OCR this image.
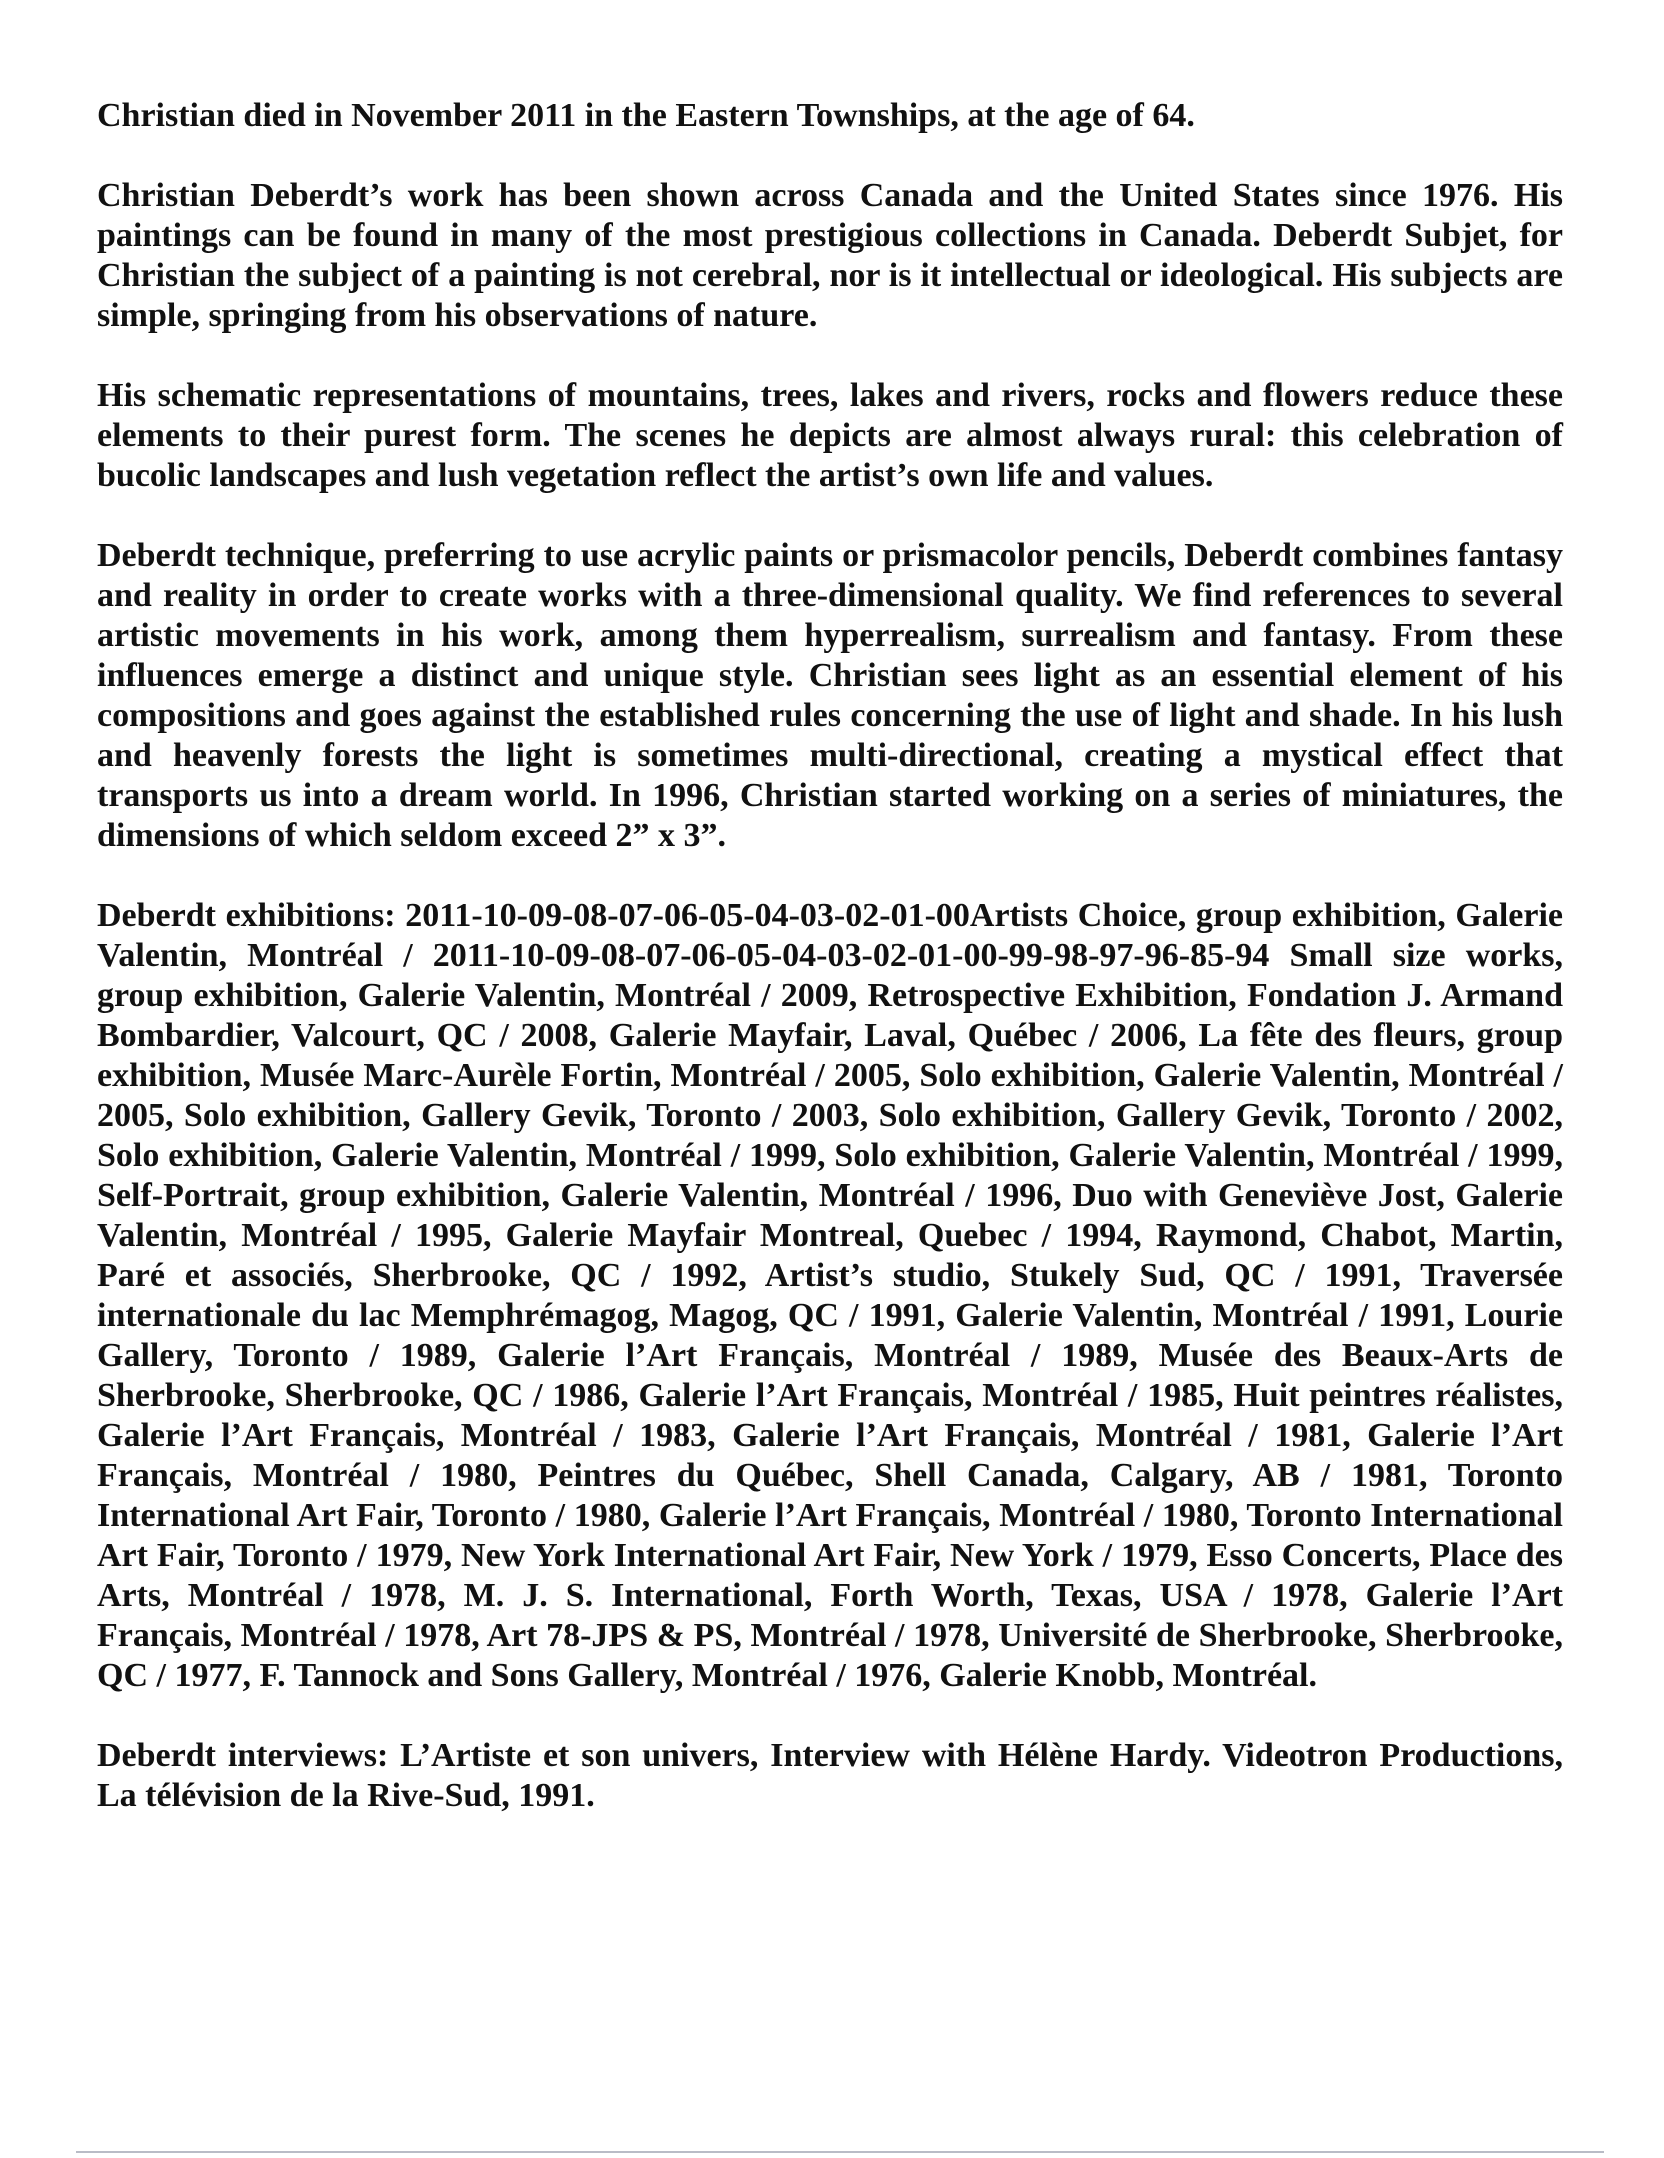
Christian died in November 2011 in the Eastern Townships, at the age of 64.

Christian Deberdt’s work has been shown across Canada and the United States since 1976. His paintings can be found in many of the most prestigious collections in Canada. Deberdt Subjet, for Christian the subject of a painting is not cerebral, nor is it intellectual or ideological. His subjects are simple, springing from his observations of nature.

His schematic representations of mountains, trees, lakes and rivers, rocks and flowers reduce these elements to their purest form. The scenes he depicts are almost always rural: this celebration of bucolic landscapes and lush vegetation reflect the artist’s own life and values.

Deberdt technique, preferring to use acrylic paints or prismacolor pencils, Deberdt combines fantasy and reality in order to create works with a three-dimensional quality. We find references to several artistic movements in his work, among them hyperrealism, surrealism and fantasy. From these influences emerge a distinct and unique style. Christian sees light as an essential element of his compositions and goes against the established rules concerning the use of light and shade. In his lush and heavenly forests the light is sometimes multi-directional, creating a mystical effect that transports us into a dream world. In 1996, Christian started working on a series of miniatures, the dimensions of which seldom exceed 2” x 3”.

Deberdt exhibitions: 2011-10-09-08-07-06-05-04-03-02-01-00Artists Choice, group exhibition, Galerie Valentin, Montréal / 2011-10-09-08-07-06-05-04-03-02-01-00-99-98-97-96-85-94 Small size works, group exhibition, Galerie Valentin, Montréal / 2009, Retrospective Exhibition, Fondation J. Armand Bombardier, Valcourt, QC / 2008, Galerie Mayfair, Laval, Québec / 2006, La fête des fleurs, group exhibition, Musée Marc-Aurèle Fortin, Montréal / 2005, Solo exhibition, Galerie Valentin, Montréal / 2005, Solo exhibition, Gallery Gevik, Toronto / 2003, Solo exhibition, Gallery Gevik, Toronto / 2002, Solo exhibition, Galerie Valentin, Montréal / 1999, Solo exhibition, Galerie Valentin, Montréal / 1999, Self-Portrait, group exhibition, Galerie Valentin, Montréal / 1996, Duo with Geneviève Jost, Galerie Valentin, Montréal / 1995, Galerie Mayfair Montreal, Quebec / 1994, Raymond, Chabot, Martin, Paré et associés, Sherbrooke, QC / 1992, Artist’s studio, Stukely Sud, QC / 1991, Traversée internationale du lac Memphrémagog, Magog, QC / 1991, Galerie Valentin, Montréal / 1991, Lourie Gallery, Toronto / 1989, Galerie l’Art Français, Montréal / 1989, Musée des Beaux-Arts de Sherbrooke, Sherbrooke, QC / 1986, Galerie l’Art Français, Montréal / 1985, Huit peintres réalistes, Galerie l’Art Français, Montréal / 1983, Galerie l’Art Français, Montréal / 1981, Galerie l’Art Français, Montréal / 1980, Peintres du Québec, Shell Canada, Calgary, AB / 1981, Toronto International Art Fair, Toronto / 1980, Galerie l’Art Français, Montréal / 1980, Toronto International Art Fair, Toronto / 1979, New York International Art Fair, New York / 1979, Esso Concerts, Place des Arts, Montréal / 1978, M. J. S. International, Forth Worth, Texas, USA / 1978, Galerie l’Art Français, Montréal / 1978, Art 78-JPS & PS, Montréal / 1978, Université de Sherbrooke, Sherbrooke, QC / 1977, F. Tannock and Sons Gallery, Montréal / 1976, Galerie Knobb, Montréal.

Deberdt interviews: L’Artiste et son univers, Interview with Hélène Hardy. Videotron Productions, La télévision de la Rive-Sud, 1991.
